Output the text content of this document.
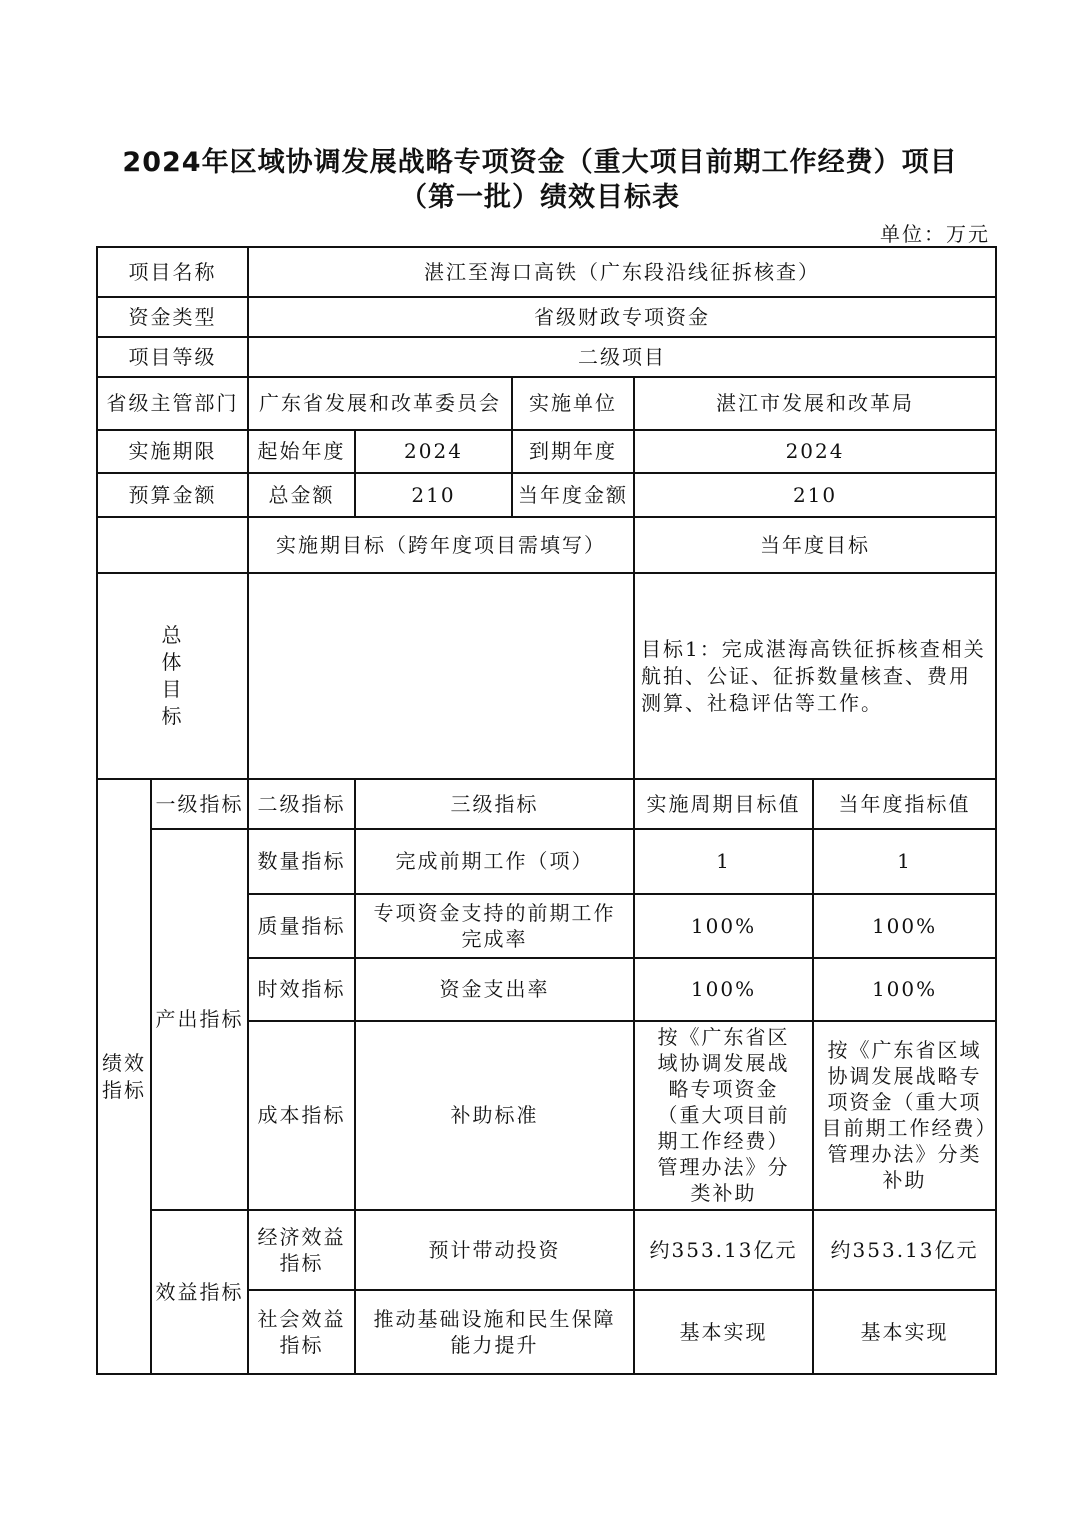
2024年区域协调发展战略专项资金（重大项目前期工作经费）项目
（第一批）绩效目标表
单位：万元
项目名称		湛江至海口高铁（广东段沿线征拆核查）				
资金类型		省级财政专项资金				
项目等级		二级项目				
省级主管部门		广东省发展和改革委员会		实施单位	湛江市发展和改革局	
实施期限		起始年度	2024	到期年度	2024	
预算金额		总金额	210	当年度金额	210	
		实施期目标（跨年度项目需填写）			当年度目标	
总体目标					目标1：完成湛海高铁征拆核查相关航拍、公证、征拆数量核查、费用测算、社稳评估等工作。	
绩效指标	一级指标	二级指标	三级指标		实施周期目标值	当年度指标值
	产出指标	数量指标	完成前期工作（项）		1	1
		质量指标	专项资金支持的前期工作完成率		100%	100%
		时效指标	资金支出率		100%	100%
		成本指标	补助标准		按《广东省区域协调发展战略专项资金（重大项目前期工作经费）管理办法》分类补助	按《广东省区域协调发展战略专项资金（重大项目前期工作经费）管理办法》分类补助
	效益指标	经济效益指标	预计带动投资		约353.13亿元	约353.13亿元
		社会效益指标	推动基础设施和民生保障能力提升		基本实现	基本实现
